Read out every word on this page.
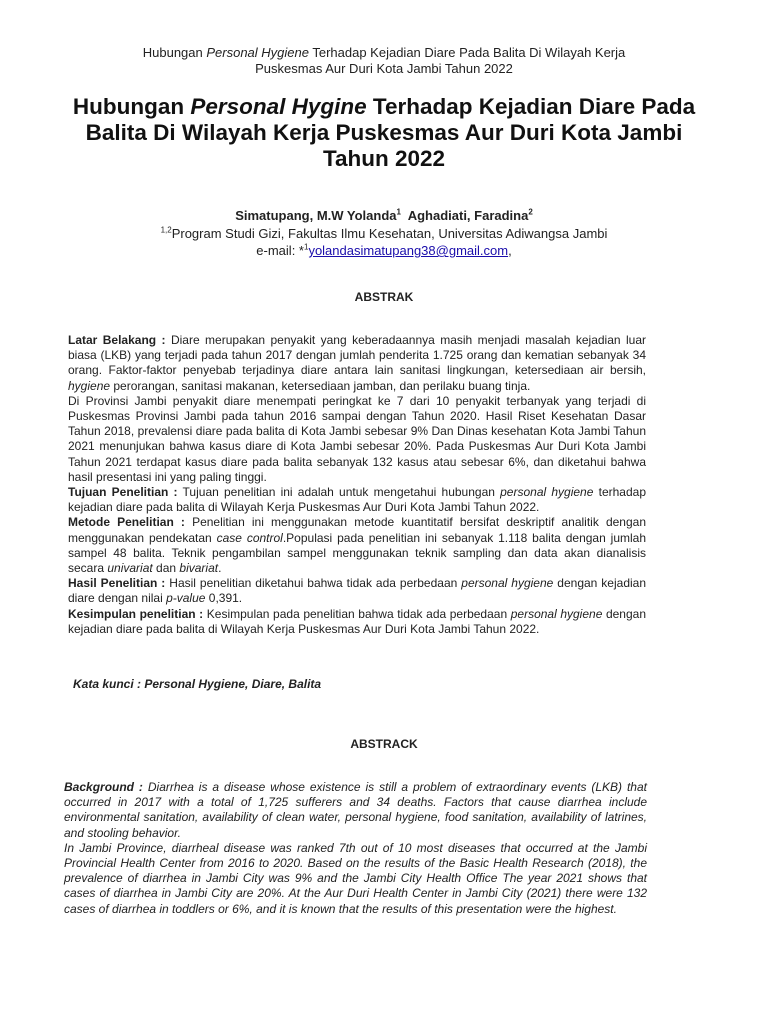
Hubungan Personal Hygiene Terhadap Kejadian Diare Pada Balita Di Wilayah Kerja
Puskesmas Aur Duri Kota Jambi Tahun 2022
Hubungan Personal Hygine Terhadap Kejadian Diare Pada Balita Di Wilayah Kerja Puskesmas Aur Duri Kota Jambi Tahun 2022
Simatupang, M.W Yolanda$^1$  Aghadiati, Faradina$^2$
$^{1,2}$Program Studi Gizi, Fakultas Ilmu Kesehatan, Universitas Adiwangsa Jambi
e-mail: *$^1$yolandasimatupang38@gmail.com,
ABSTRAK

Latar Belakang : Diare merupakan penyakit yang keberadaannya masih menjadi masalah kejadian luar biasa (LKB) yang terjadi pada tahun 2017 dengan jumlah penderita 1.725 orang dan kematian sebanyak 34 orang. Faktor-faktor penyebab terjadinya diare antara lain sanitasi lingkungan, ketersediaan air bersih, hygiene perorangan, sanitasi makanan, ketersediaan jamban, dan perilaku buang tinja.

Di Provinsi Jambi penyakit diare menempati peringkat ke 7 dari 10 penyakit terbanyak yang terjadi di Puskesmas Provinsi Jambi pada tahun 2016 sampai dengan Tahun 2020. Hasil Riset Kesehatan Dasar Tahun 2018, prevalensi diare pada balita di Kota Jambi sebesar 9% Dan Dinas kesehatan Kota Jambi Tahun 2021 menunjukan bahwa kasus diare di Kota Jambi sebesar 20%. Pada Puskesmas Aur Duri Kota Jambi Tahun 2021 terdapat kasus diare pada balita sebanyak 132 kasus atau sebesar 6%, dan diketahui bahwa hasil presentasi ini yang paling tinggi.

Tujuan Penelitian : Tujuan penelitian ini adalah untuk mengetahui hubungan personal hygiene terhadap kejadian diare pada balita di Wilayah Kerja Puskesmas Aur Duri Kota Jambi Tahun 2022.

Metode Penelitian : Penelitian ini menggunakan metode kuantitatif bersifat deskriptif analitik dengan menggunakan pendekatan case control.Populasi pada penelitian ini sebanyak 1.118 balita dengan jumlah sampel 48 balita. Teknik pengambilan sampel menggunakan teknik sampling dan data akan dianalisis secara univariat dan bivariat.

Hasil Penelitian : Hasil penelitian diketahui bahwa tidak ada perbedaan personal hygiene dengan kejadian diare dengan nilai p-value 0,391.

Kesimpulan penelitian : Kesimpulan pada penelitian bahwa tidak ada perbedaan personal hygiene dengan kejadian diare pada balita di Wilayah Kerja Puskesmas Aur Duri Kota Jambi Tahun 2022.

Kata kunci : Personal Hygiene, Diare, Balita
ABSTRACK

Background : Diarrhea is a disease whose existence is still a problem of extraordinary events (LKB) that occurred in 2017 with a total of 1,725 sufferers and 34 deaths. Factors that cause diarrhea include environmental sanitation, availability of clean water, personal hygiene, food sanitation, availability of latrines, and stooling behavior.

In Jambi Province, diarrheal disease was ranked 7th out of 10 most diseases that occurred at the Jambi Provincial Health Center from 2016 to 2020. Based on the results of the Basic Health Research (2018), the prevalence of diarrhea in Jambi City was 9% and the Jambi City Health Office The year 2021 shows that cases of diarrhea in Jambi City are 20%. At the Aur Duri Health Center in Jambi City (2021) there were 132 cases of diarrhea in toddlers or 6%, and it is known that the results of this presentation were the highest.
